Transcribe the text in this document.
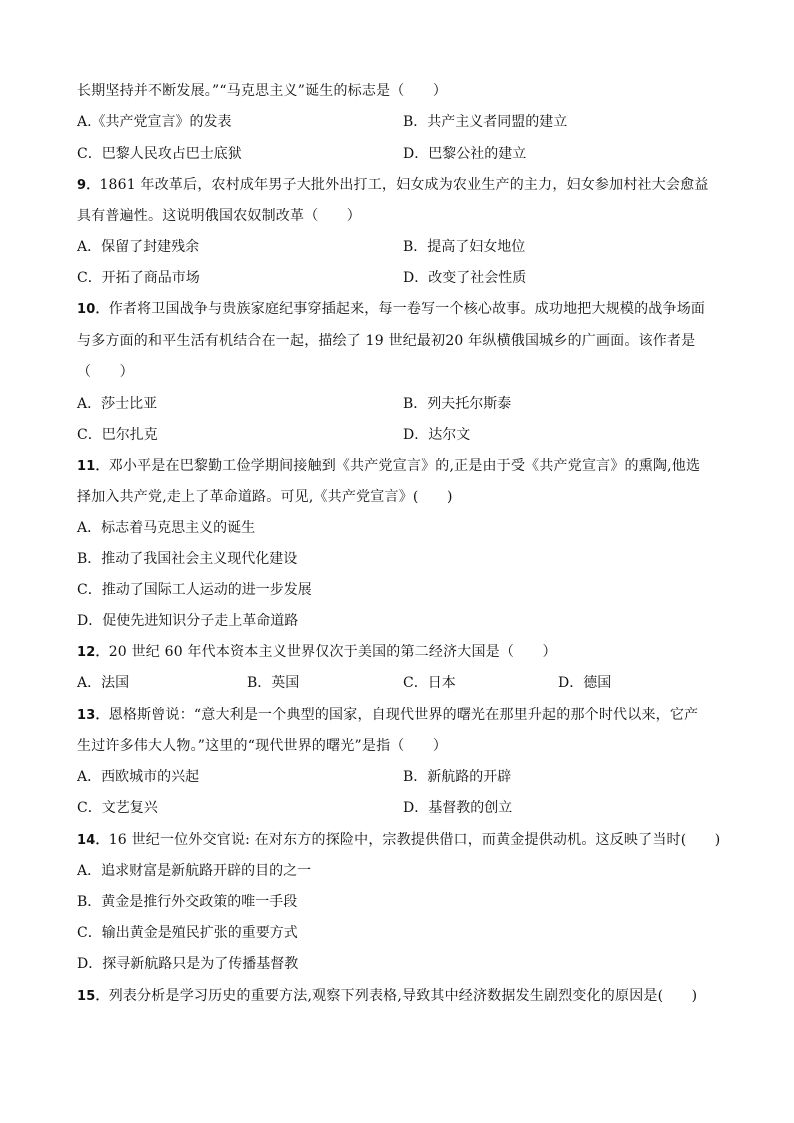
长期坚持并不断发展。”“马克思主义”诞生的标志是（　　）
A.《共产党宣言》的发表	B．共产主义者同盟的建立
C．巴黎人民攻占巴士底狱	D．巴黎公社的建立
9．1861 年改革后，农村成年男子大批外出打工，妇女成为农业生产的主力，妇女参加村社大会愈益
具有普遍性。这说明俄国农奴制改革（　　）
A．保留了封建残余	B．提高了妇女地位
C．开拓了商品市场	D．改变了社会性质
10．作者将卫国战争与贵族家庭纪事穿插起来，每一卷写一个核心故事。成功地把大规模的战争场面
与多方面的和平生活有机结合在一起，描绘了 19 世纪最初20 年纵横俄国城乡的广画面。该作者是
（　　）
A．莎士比亚	B．列夫托尔斯泰
C．巴尔扎克	D．达尔文
11．邓小平是在巴黎勤工俭学期间接触到《共产党宣言》的,正是由于受《共产党宣言》的熏陶,他选
择加入共产党,走上了革命道路。可见,《共产党宣言》(　　)
A．标志着马克思主义的诞生
B．推动了我国社会主义现代化建设
C．推动了国际工人运动的进一步发展
D．促使先进知识分子走上革命道路
12．20 世纪 60 年代本资本主义世界仅次于美国的第二经济大国是（　　）
A．法国	B．英国	C．日本	D．德国
13．恩格斯曾说：“意大利是一个典型的国家，自现代世界的曙光在那里升起的那个时代以来，它产
生过许多伟大人物。”这里的“现代世界的曙光”是指（　　）
A．西欧城市的兴起	B．新航路的开辟
C．文艺复兴	D．基督教的创立
14．16 世纪一位外交官说: 在对东方的探险中，宗教提供借口，而黄金提供动机。这反映了当时(　　)
A．追求财富是新航路开辟的目的之一
B．黄金是推行外交政策的唯一手段
C．输出黄金是殖民扩张的重要方式
D．探寻新航路只是为了传播基督教
15．列表分析是学习历史的重要方法,观察下列表格,导致其中经济数据发生剧烈变化的原因是(　　)
